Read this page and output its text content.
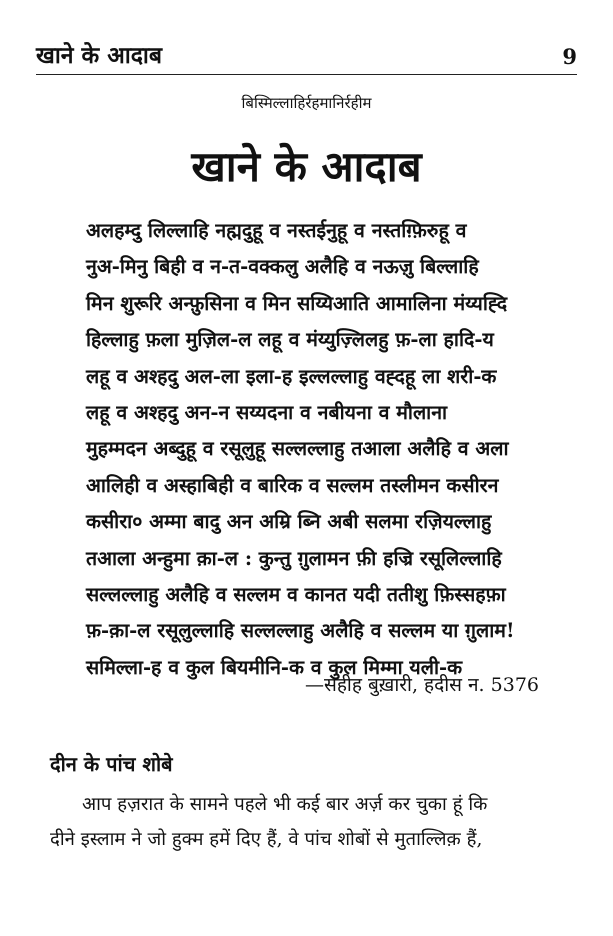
खाने के आदाब	9
बिस्मिल्लाहिर्रहमानिर्रहीम
खाने के आदाब
अलहम्दु लिल्लाहि नह्मदुहू व नस्तईनुहू व नस्तग़्फ़िरुहू व
नुअ-मिनु बिही व न-त-वक्कलु अलैहि व नऊज़ु बिल्लाहि
मिन शुरूरि अन्फ़ुसिना व मिन सय्यिआति आमालिना मंय्यह्दि
हिल्लाहु फ़ला मुज़िल-ल लहू व मंय्युज़्लिलहु फ़-ला हादि-य
लहू व अश्हदु अल-ला इला-ह इल्लल्लाहु वह्दहू ला शरी-क
लहू व अश्हदु अन-न सय्यदना व नबीयना व मौलाना
मुहम्मदन अब्दुहू व रसूलुहू सल्लल्लाहु तआला अलैहि व अला
आलिही व अस्हाबिही व बारिक व सल्लम तस्लीमन कसीरन
कसीरा० अम्मा बादु अन अम्रि ब्नि अबी सलमा रज़ियल्लाहु
तआला अन्हुमा क़ा-ल : कुन्तु ग़ुलामन फ़ी हज्रि रसूलिल्लाहि
सल्लल्लाहु अलैहि व सल्लम व कानत यदी ततीशु फ़िस्सहफ़ा
फ़-क़ा-ल रसूलुल्लाहि सल्लल्लाहु अलैहि व सल्लम या ग़ुलाम!
समिल्ला-ह व कुल बियमीनि-क व कुल मिम्मा यली-क
—सहीह बुख़ारी, हदीस न. 5376
दीन के पांच शोबे
आप हज़रात के सामने पहले भी कई बार अर्ज़ कर चुका हूं कि
दीने इस्लाम ने जो हुक्म हमें दिए हैं, वे पांच शोबों से मुताल्लिक़ हैं,
